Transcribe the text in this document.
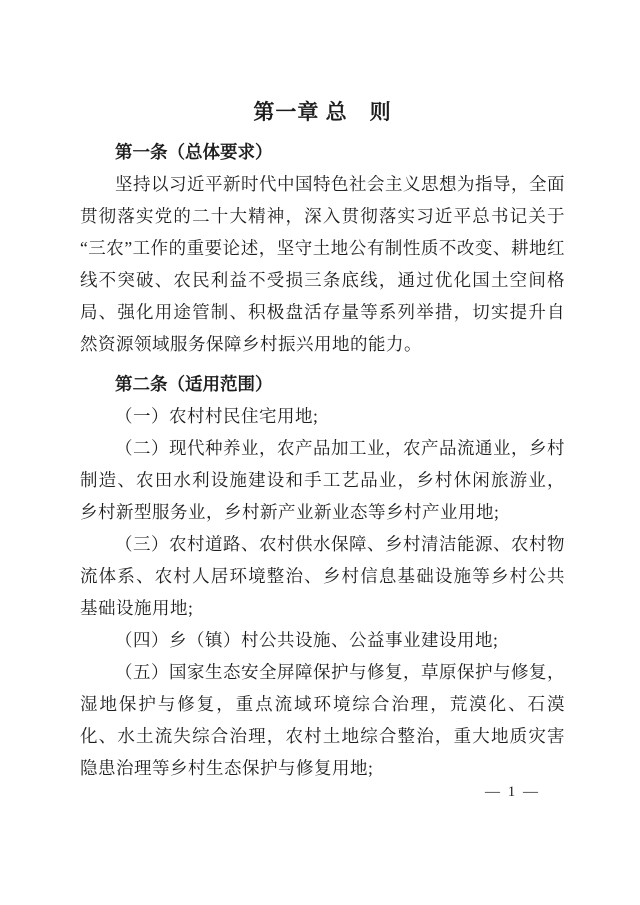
第一章 总　则
第一条（总体要求）

坚持以习近平新时代中国特色社会主义思想为指导，全面贯彻落实党的二十大精神，深入贯彻落实习近平总书记关于“三农”工作的重要论述，坚守土地公有制性质不改变、耕地红线不突破、农民利益不受损三条底线，通过优化国土空间格局、强化用途管制、积极盘活存量等系列举措，切实提升自然资源领域服务保障乡村振兴用地的能力。

第二条（适用范围）

（一）农村村民住宅用地;

（二）现代种养业，农产品加工业，农产品流通业，乡村制造、农田水利设施建设和手工艺品业，乡村休闲旅游业，乡村新型服务业，乡村新产业新业态等乡村产业用地;

（三）农村道路、农村供水保障、乡村清洁能源、农村物流体系、农村人居环境整治、乡村信息基础设施等乡村公共基础设施用地;

（四）乡（镇）村公共设施、公益事业建设用地;

（五）国家生态安全屏障保护与修复，草原保护与修复，湿地保护与修复，重点流域环境综合治理，荒漠化、石漠化、水土流失综合治理，农村土地综合整治，重大地质灾害隐患治理等乡村生态保护与修复用地;

— 1 —
